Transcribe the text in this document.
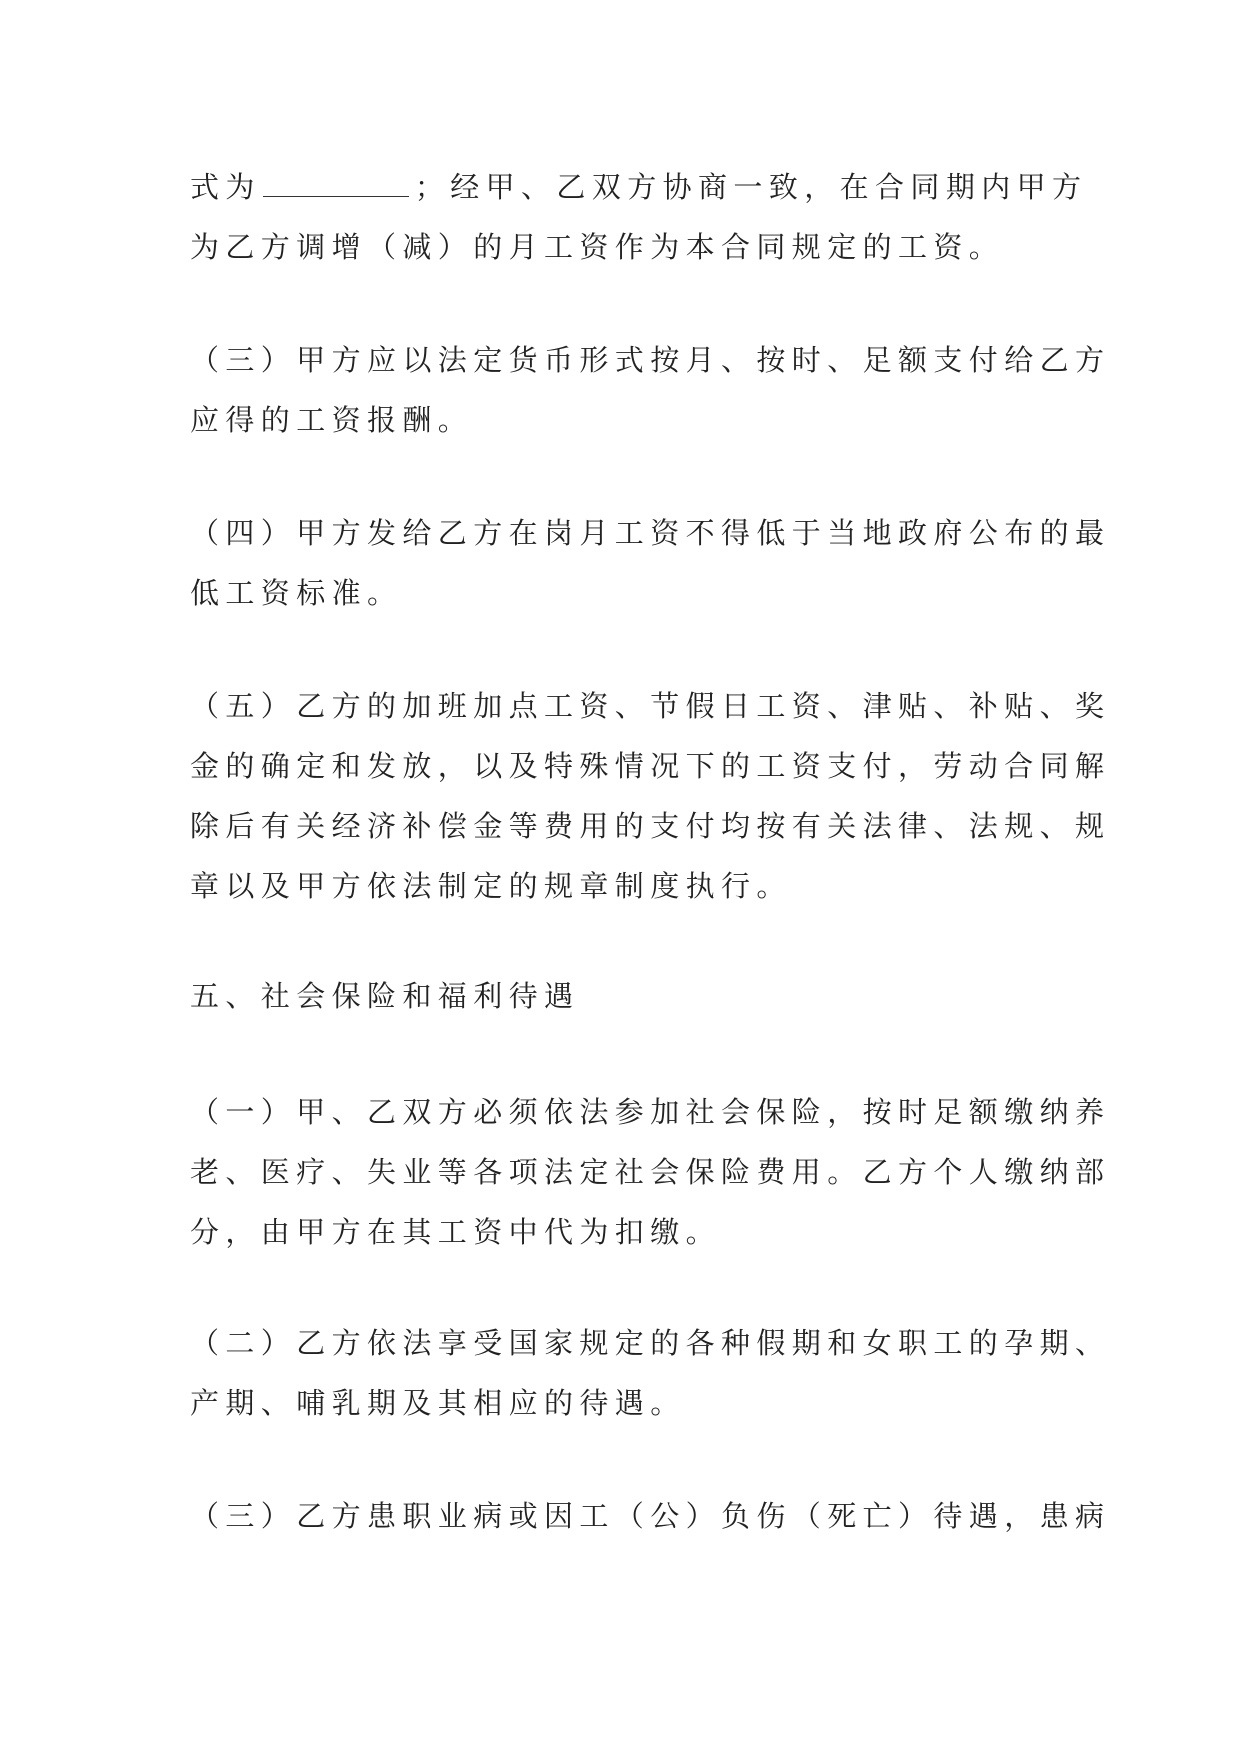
式为	；经甲、乙双方协商一致，在合同期内甲方
为乙方调增（减）的月工资作为本合同规定的工资。

（三）甲方应以法定货币形式按月、按时、足额支付给乙方
应得的工资报酬。

（四）甲方发给乙方在岗月工资不得低于当地政府公布的最
低工资标准。

（五）乙方的加班加点工资、节假日工资、津贴、补贴、奖
金的确定和发放，以及特殊情况下的工资支付，劳动合同解
除后有关经济补偿金等费用的支付均按有关法律、法规、规
章以及甲方依法制定的规章制度执行。

五、社会保险和福利待遇

（一）甲、乙双方必须依法参加社会保险，按时足额缴纳养
老、医疗、失业等各项法定社会保险费用。乙方个人缴纳部
分，由甲方在其工资中代为扣缴。

（二）乙方依法享受国家规定的各种假期和女职工的孕期、
产期、哺乳期及其相应的待遇。

（三）乙方患职业病或因工（公）负伤（死亡）待遇，患病
